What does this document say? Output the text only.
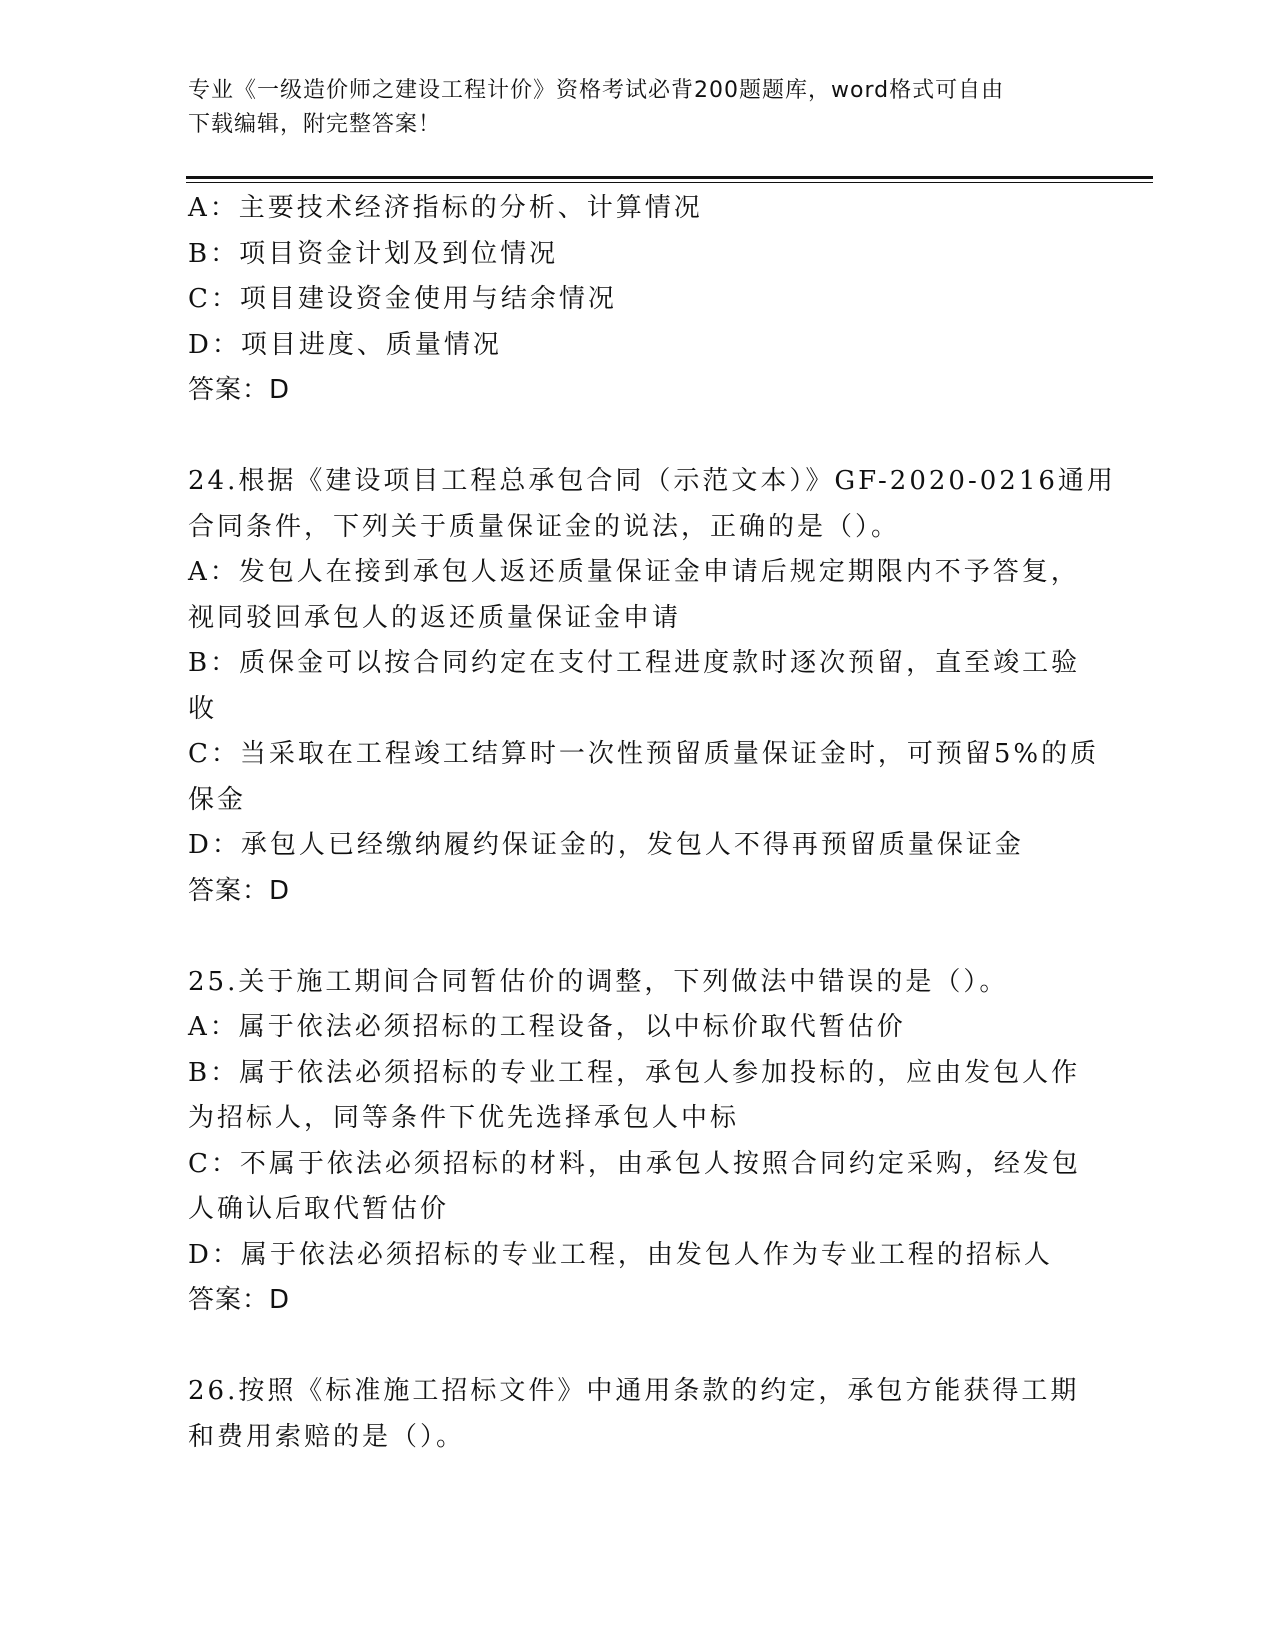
专业《一级造价师之建设工程计价》资格考试必背200题题库，word格式可自由
下载编辑，附完整答案！
A：主要技术经济指标的分析、计算情况
B：项目资金计划及到位情况
C：项目建设资金使用与结余情况
D：项目进度、质量情况
答案：D
24.根据《建设项目工程总承包合同（示范文本）》GF-2020-0216通用
合同条件，下列关于质量保证金的说法，正确的是（）。
A：发包人在接到承包人返还质量保证金申请后规定期限内不予答复，
视同驳回承包人的返还质量保证金申请
B：质保金可以按合同约定在支付工程进度款时逐次预留，直至竣工验
收
C：当采取在工程竣工结算时一次性预留质量保证金时，可预留5%的质
保金
D：承包人已经缴纳履约保证金的，发包人不得再预留质量保证金
答案：D
25.关于施工期间合同暂估价的调整，下列做法中错误的是（）。
A：属于依法必须招标的工程设备，以中标价取代暂估价
B：属于依法必须招标的专业工程，承包人参加投标的，应由发包人作
为招标人，同等条件下优先选择承包人中标
C：不属于依法必须招标的材料，由承包人按照合同约定采购，经发包
人确认后取代暂估价
D：属于依法必须招标的专业工程，由发包人作为专业工程的招标人
答案：D
26.按照《标准施工招标文件》中通用条款的约定，承包方能获得工期
和费用索赔的是（）。
